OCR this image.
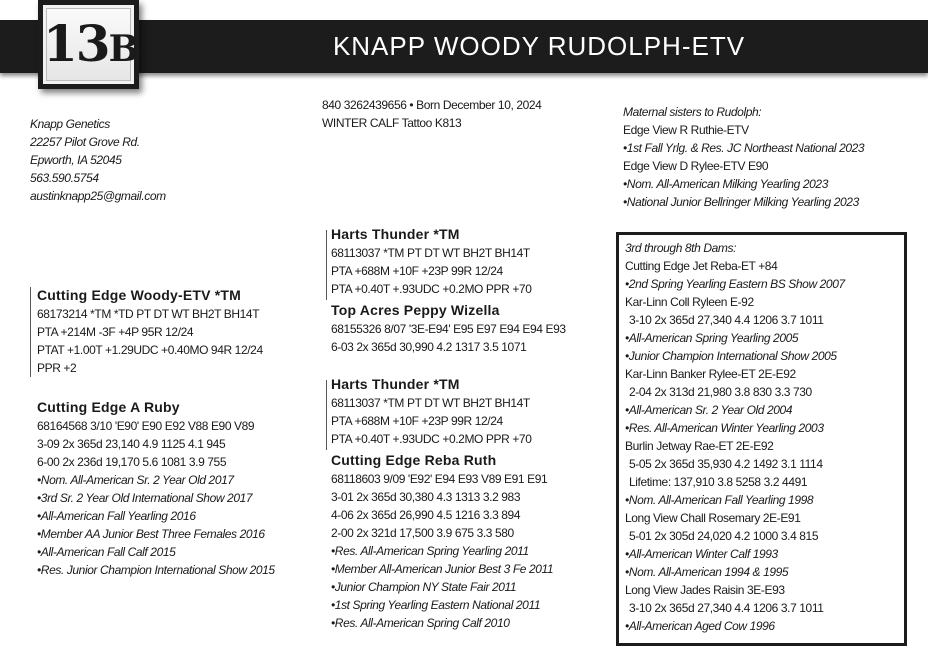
KNAPP WOODY RUDOLPH-ETV
13B
Knapp Genetics
22257 Pilot Grove Rd.
Epworth, IA 52045
563.590.5754
austinknapp25@gmail.com
840 3262439656 • Born December 10, 2024
WINTER CALF Tattoo K813
Maternal sisters to Rudolph:
Edge View R Ruthie-ETV
•1st Fall Yrlg. & Res. JC Northeast National 2023
Edge View D Rylee-ETV E90
•Nom. All-American Milking Yearling 2023
•National Junior Bellringer Milking Yearling 2023
Harts Thunder *TM
68113037 *TM PT DT WT BH2T BH14T
PTA +688M +10F +23P 99R 12/24
PTA +0.40T +.93UDC +0.2MO PPR +70
Top Acres Peppy Wizella
68155326 8/07 '3E-E94' E95 E97 E94 E94 E93
6-03 2x 365d 30,990 4.2 1317 3.5 1071
Cutting Edge Woody-ETV *TM
68173214 *TM *TD PT DT WT BH2T BH14T
PTA +214M -3F +4P 95R 12/24
PTAT +1.00T +1.29UDC +0.40MO 94R 12/24
PPR +2
Cutting Edge A Ruby
68164568 3/10 'E90' E90 E92 V88 E90 V89
3-09 2x 365d 23,140 4.9 1125 4.1 945
6-00 2x 236d 19,170 5.6 1081 3.9 755
•Nom. All-American Sr. 2 Year Old 2017
•3rd Sr. 2 Year Old International Show 2017
•All-American Fall Yearling 2016
•Member AA Junior Best Three Females 2016
•All-American Fall Calf 2015
•Res. Junior Champion International Show 2015
Harts Thunder *TM
68113037 *TM PT DT WT BH2T BH14T
PTA +688M +10F +23P 99R 12/24
PTA +0.40T +.93UDC +0.2MO PPR +70
Cutting Edge Reba Ruth
68118603 9/09 'E92' E94 E93 V89 E91 E91
3-01 2x 365d 30,380 4.3 1313 3.2 983
4-06 2x 365d 26,990 4.5 1216 3.3 894
2-00 2x 321d 17,500 3.9 675 3.3 580
•Res. All-American Spring Yearling 2011
•Member All-American Junior Best 3 Fe 2011
•Junior Champion NY State Fair 2011
•1st Spring Yearling Eastern National 2011
•Res. All-American Spring Calf 2010
3rd through 8th Dams:
Cutting Edge Jet Reba-ET +84
•2nd Spring Yearling Eastern BS Show 2007
Kar-Linn Coll Ryleen E-92
3-10 2x 365d 27,340 4.4 1206 3.7 1011
•All-American Spring Yearling 2005
•Junior Champion International Show 2005
Kar-Linn Banker Rylee-ET 2E-E92
2-04 2x 313d 21,980 3.8 830 3.3 730
•All-American Sr. 2 Year Old 2004
•Res. All-American Winter Yearling 2003
Burlin Jetway Rae-ET 2E-E92
5-05 2x 365d 35,930 4.2 1492 3.1 1114
Lifetime: 137,910 3.8 5258 3.2 4491
•Nom. All-American Fall Yearling 1998
Long View Chall Rosemary 2E-E91
5-01 2x 305d 24,020 4.2 1000 3.4 815
•All-American Winter Calf 1993
•Nom. All-American 1994 & 1995
Long View Jades Raisin 3E-E93
3-10 2x 365d 27,340 4.4 1206 3.7 1011
•All-American Aged Cow 1996
